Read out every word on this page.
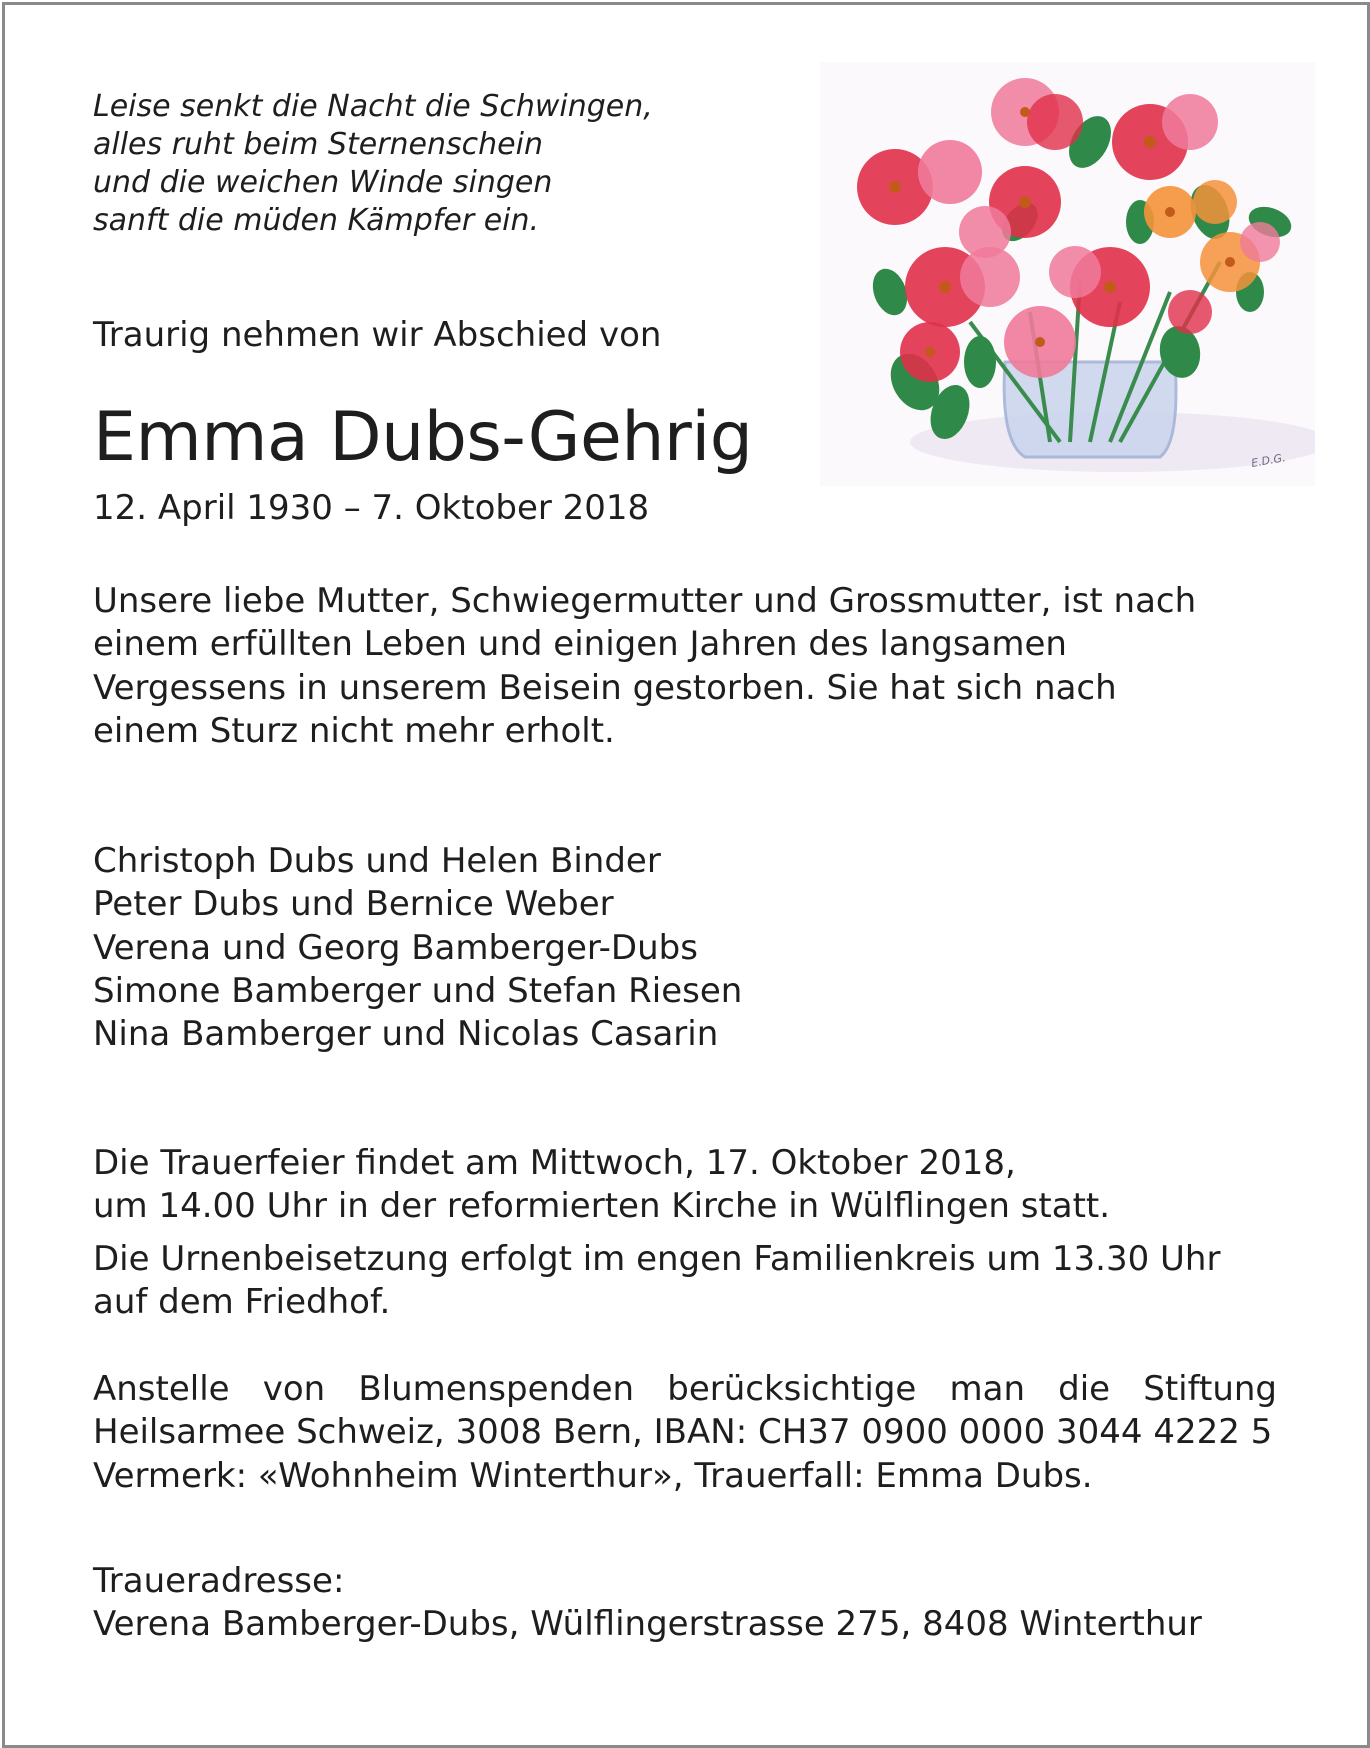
Leise senkt die Nacht die Schwingen,
alles ruht beim Sternenschein
und die weichen Winde singen
sanft die müden Kämpfer ein.
Traurig nehmen wir Abschied von
Emma Dubs-Gehrig
12. April 1930 – 7. Oktober 2018
Unsere liebe Mutter, Schwiegermutter und Grossmutter, ist nach
einem erfüllten Leben und einigen Jahren des langsamen
Vergessens in unserem Beisein gestorben. Sie hat sich nach
einem Sturz nicht mehr erholt.
Christoph Dubs und Helen Binder
Peter Dubs und Bernice Weber
Verena und Georg Bamberger-Dubs
Simone Bamberger und Stefan Riesen
Nina Bamberger und Nicolas Casarin
Die Trauerfeier findet am Mittwoch, 17. Oktober 2018,
um 14.00 Uhr in der reformierten Kirche in Wülflingen statt.
Die Urnenbeisetzung erfolgt im engen Familienkreis um 13.30 Uhr
auf dem Friedhof.
Anstelle von Blumenspenden berücksichtige man die Stiftung
Heilsarmee Schweiz, 3008 Bern, IBAN: CH37 0900 0000 3044 4222 5
Vermerk: «Wohnheim Winterthur», Trauerfall: Emma Dubs.
Traueradresse:
Verena Bamberger-Dubs, Wülflingerstrasse 275, 8408 Winterthur
E.D.G.
